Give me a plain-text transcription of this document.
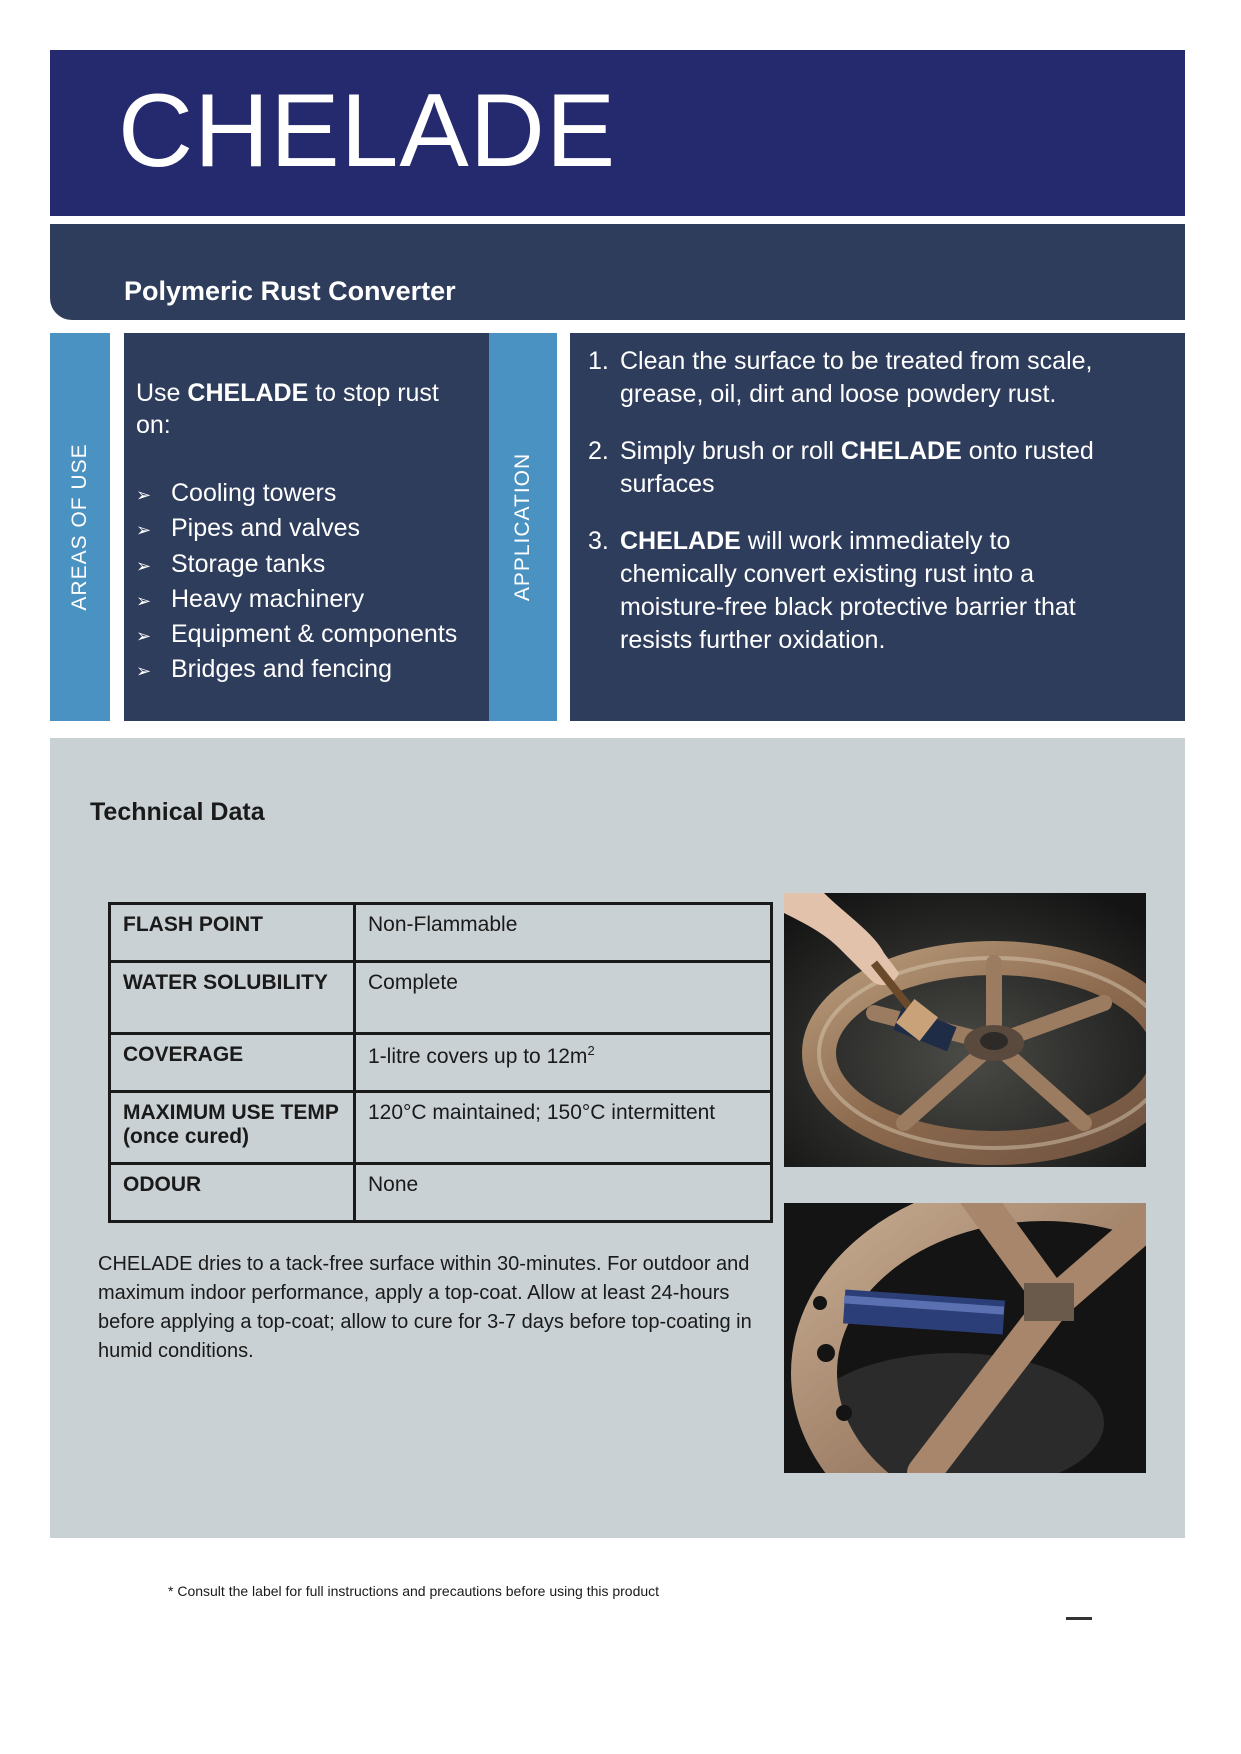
CHELADE
Polymeric Rust Converter
AREAS OF USE

Use CHELADE to stop rust on:

➢ Cooling towers
➢ Pipes and valves
➢ Storage tanks
➢ Heavy machinery
➢ Equipment & components
➢ Bridges and fencing
APPLICATION
1. Clean the surface to be treated from scale, grease, oil, dirt and loose powdery rust.
2. Simply brush or roll CHELADE onto rusted surfaces
3. CHELADE will work immediately to chemically convert existing rust into a moisture-free black protective barrier that resists further oxidation.
Technical Data
FLASH POINT	Non-Flammable
WATER SOLUBILITY	Complete
COVERAGE	1-litre covers up to $12m^2$
MAXIMUM USE TEMP (once cured)	120°C maintained; 150°C intermittent
ODOUR	None

CHELADE dries to a tack-free surface within 30-minutes. For outdoor and maximum indoor performance, apply a top-coat. Allow at least 24-hours before applying a top-coat; allow to cure for 3-7 days before top-coating in humid conditions.

* Consult the label for full instructions and precautions before using this product
